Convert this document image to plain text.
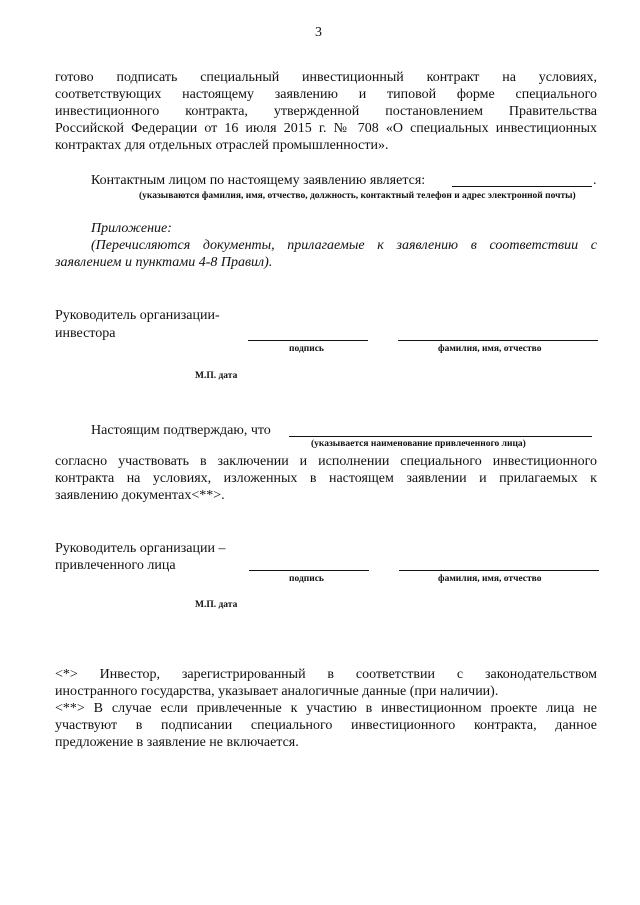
3
готово подписать специальный инвестиционный контракт на условиях,
соответствующих настоящему заявлению и типовой форме специального
инвестиционного контракта, утвержденной постановлением Правительства
Российской Федерации от 16 июля 2015 г. № 708 «О специальных инвестиционных
контрактах для отдельных отраслей промышленности».
Контактным лицом по настоящему заявлению является:	.
(указываются фамилия, имя, отчество, должность, контактный телефон и адрес электронной почты)
Приложение:
(Перечисляются документы, прилагаемые к заявлению в соответствии с
заявлением и пунктами 4-8 Правил).
Руководитель организации-
инвестора
подпись	фамилия, имя, отчество
М.П. дата
Настоящим подтверждаю, что
(указывается наименование привлеченного лица)
согласно участвовать в заключении и исполнении специального инвестиционного
контракта на условиях, изложенных в настоящем заявлении и прилагаемых к
заявлению документах<**>.
Руководитель организации –
привлеченного лица
подпись	фамилия, имя, отчество
М.П. дата
<*> Инвестор, зарегистрированный в соответствии с законодательством
иностранного государства, указывает аналогичные данные (при наличии).
<**> В случае если привлеченные к участию в инвестиционном проекте лица не
участвуют в подписании специального инвестиционного контракта, данное
предложение в заявление не включается.
